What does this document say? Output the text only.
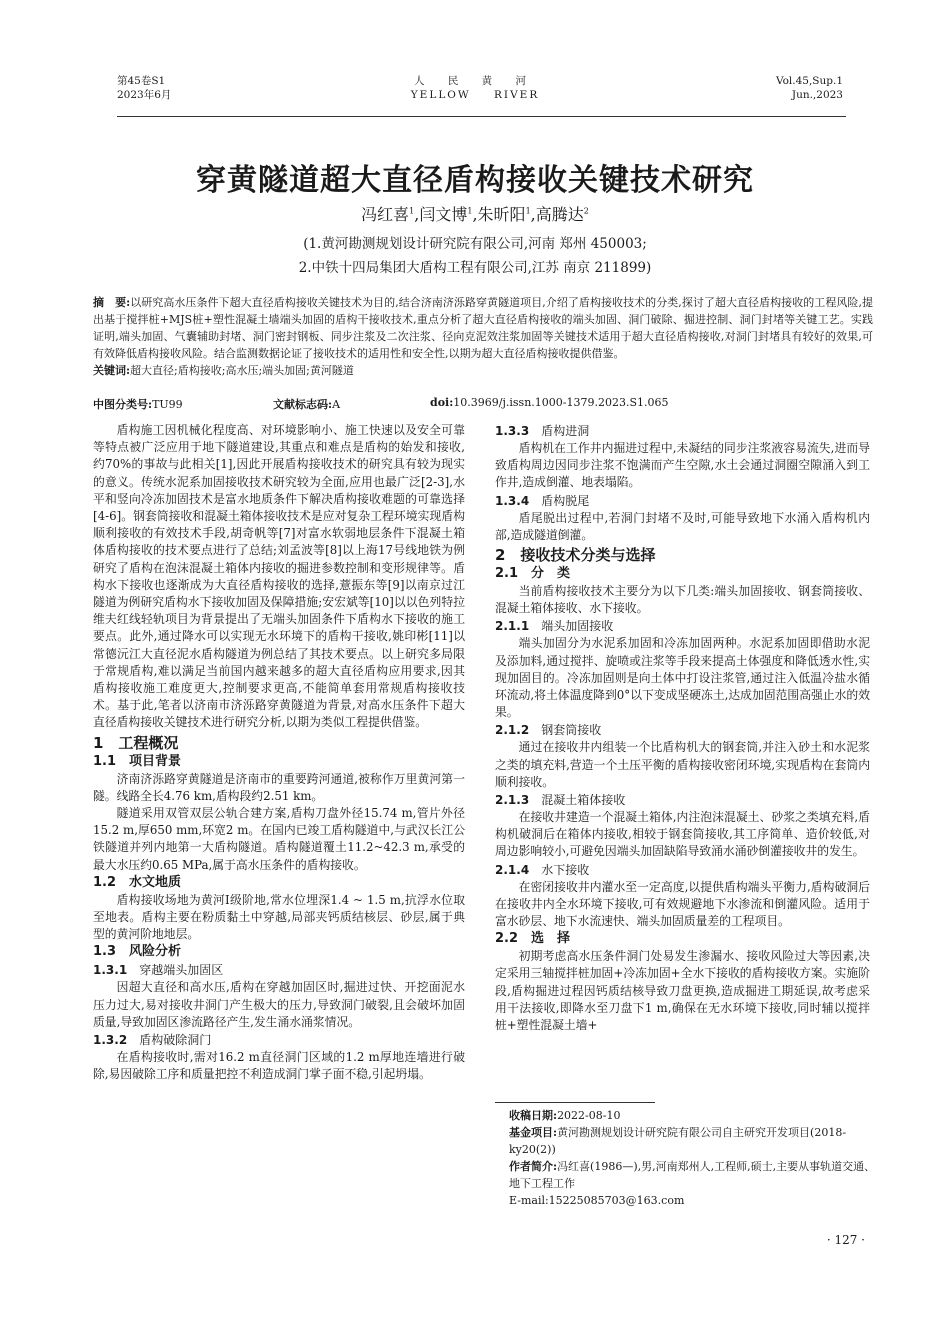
第45卷S1
2023年6月
人 民 黄 河
YELLOW RIVER
Vol.45,Sup.1
Jun.,2023
穿黄隧道超大直径盾构接收关键技术研究
冯红喜$^1$,闫文博$^1$,朱昕阳$^1$,高腾达$^2$
(1.黄河勘测规划设计研究院有限公司,河南 郑州 450003;
2.中铁十四局集团大盾构工程有限公司,江苏 南京 211899)

摘　要:以研究高水压条件下超大直径盾构接收关键技术为目的,结合济南济泺路穿黄隧道项目,介绍了盾构接收技术的分类,探讨了超大直径盾构接收的工程风险,提出基于搅拌桩+MJS桩+塑性混凝土墙端头加固的盾构干接收技术,重点分析了超大直径盾构接收的端头加固、洞门破除、掘进控制、洞门封堵等关键工艺。实践证明,端头加固、气囊辅助封堵、洞门密封钢板、同步注浆及二次注浆、径向克泥效注浆加固等关键技术适用于超大直径盾构接收,对洞门封堵具有较好的效果,可有效降低盾构接收风险。结合监测数据论证了接收技术的适用性和安全性,以期为超大直径盾构接收提供借鉴。

关键词:超大直径;盾构接收;高水压;端头加固;黄河隧道

中图分类号:TU99	文献标志码:A	doi:10.3969/j.issn.1000-1379.2023.S1.065

盾构施工因机械化程度高、对环境影响小、施工快速以及安全可靠等特点被广泛应用于地下隧道建设,其重点和难点是盾构的始发和接收,约70%的事故与此相关[1],因此开展盾构接收技术的研究具有较为现实的意义。传统水泥系加固接收技术研究较为全面,应用也最广泛[2-3],水平和竖向冷冻加固技术是富水地质条件下解决盾构接收难题的可靠选择[4-6]。钢套筒接收和混凝土箱体接收技术是应对复杂工程环境实现盾构顺利接收的有效技术手段,胡奇帆等[7]对富水软弱地层条件下混凝土箱体盾构接收的技术要点进行了总结;刘孟波等[8]以上海17号线地铁为例研究了盾构在泡沫混凝土箱体内接收的掘进参数控制和变形规律等。盾构水下接收也逐渐成为大直径盾构接收的选择,薏振东等[9]以南京过江隧道为例研究盾构水下接收加固及保障措施;安宏斌等[10]以以色列特拉维夫红线轻轨项目为背景提出了无端头加固条件下盾构水下接收的施工要点。此外,通过降水可以实现无水环境下的盾构干接收,姚印彬[11]以常德沅江大直径泥水盾构隧道为例总结了其技术要点。以上研究多局限于常规盾构,难以满足当前国内越来越多的超大直径盾构应用要求,因其盾构接收施工难度更大,控制要求更高,不能简单套用常规盾构接收技术。基于此,笔者以济南市济泺路穿黄隧道为背景,对高水压条件下超大直径盾构接收关键技术进行研究分析,以期为类似工程提供借鉴。

1　工程概况
1.1　项目背景

济南济泺路穿黄隧道是济南市的重要跨河通道,被称作万里黄河第一隧。线路全长4.76 km,盾构段约2.51 km。

隧道采用双管双层公轨合建方案,盾构刀盘外径15.74 m,管片外径15.2 m,厚650 mm,环宽2 m。在国内已竣工盾构隧道中,与武汉长江公铁隧道并列内地第一大盾构隧道。盾构隧道覆土11.2~42.3 m,承受的最大水压约0.65 MPa,属于高水压条件的盾构接收。

1.2　水文地质

盾构接收场地为黄河Ⅰ级阶地,常水位埋深1.4 ~ 1.5 m,抗浮水位取至地表。盾构主要在粉质黏土中穿越,局部夹钙质结核层、砂层,属于典型的黄河阶地地层。

1.3　风险分析
1.3.1　 穿越端头加固区

因超大直径和高水压,盾构在穿越加固区时,掘进过快、开挖面泥水压力过大,易对接收井洞门产生极大的压力,导致洞门破裂,且会破坏加固质量,导致加固区渗流路径产生,发生涌水涌浆情况。

1.3.2　 盾构破除洞门

在盾构接收时,需对16.2 m直径洞门区域的1.2 m厚地连墙进行破除,易因破除工序和质量把控不利造成洞门掌子面不稳,引起坍塌。

1.3.3　 盾构进洞

盾构机在工作井内掘进过程中,未凝结的同步注浆液容易流失,进而导致盾构周边因同步注浆不饱满而产生空隙,水土会通过洞圈空隙涌入到工作井,造成倒灌、地表塌陷。

1.3.4　 盾构脱尾

盾尾脱出过程中,若洞门封堵不及时,可能导致地下水涌入盾构机内部,造成隧道倒灌。

2　接收技术分类与选择
2.1　分　类

当前盾构接收技术主要分为以下几类:端头加固接收、钢套筒接收、混凝土箱体接收、水下接收。

2.1.1　 端头加固接收

端头加固分为水泥系加固和冷冻加固两种。水泥系加固即借助水泥及添加料,通过搅拌、旋喷或注浆等手段来提高土体强度和降低透水性,实现加固目的。冷冻加固则是向土体中打设注浆管,通过注入低温冷盐水循环流动,将土体温度降到0°以下变成坚硬冻土,达成加固范围高强止水的效果。

2.1.2　 钢套筒接收

通过在接收井内组装一个比盾构机大的钢套筒,并注入砂土和水泥浆之类的填充料,营造一个土压平衡的盾构接收密闭环境,实现盾构在套筒内顺利接收。

2.1.3　 混凝土箱体接收

在接收井建造一个混凝土箱体,内注泡沫混凝土、砂浆之类填充料,盾构机破洞后在箱体内接收,相较于钢套筒接收,其工序简单、造价较低,对周边影响较小,可避免因端头加固缺陷导致涌水涌砂倒灌接收井的发生。

2.1.4　 水下接收

在密闭接收井内灌水至一定高度,以提供盾构端头平衡力,盾构破洞后在接收井内全水环境下接收,可有效规避地下水渗流和倒灌风险。适用于富水砂层、地下水流速快、端头加固质量差的工程项目。

2.2　选　择

初期考虑高水压条件洞门处易发生渗漏水、接收风险过大等因素,决定采用三轴搅拌桩加固+冷冻加固+全水下接收的盾构接收方案。实施阶段,盾构掘进过程因钙质结核导致刀盘更换,造成掘进工期延误,故考虑采用干法接收,即降水至刀盘下1 m,确保在无水环境下接收,同时辅以搅拌桩+塑性混凝土墙+

收稿日期:2022-08-10

基金项目:黄河勘测规划设计研究院有限公司自主研究开发项目(2018-ky20(2))

作者简介:冯红喜(1986—),男,河南郑州人,工程师,硕士,主要从事轨道交通、地下工程工作

E-mail:15225085703@163.com

· 127 ·
